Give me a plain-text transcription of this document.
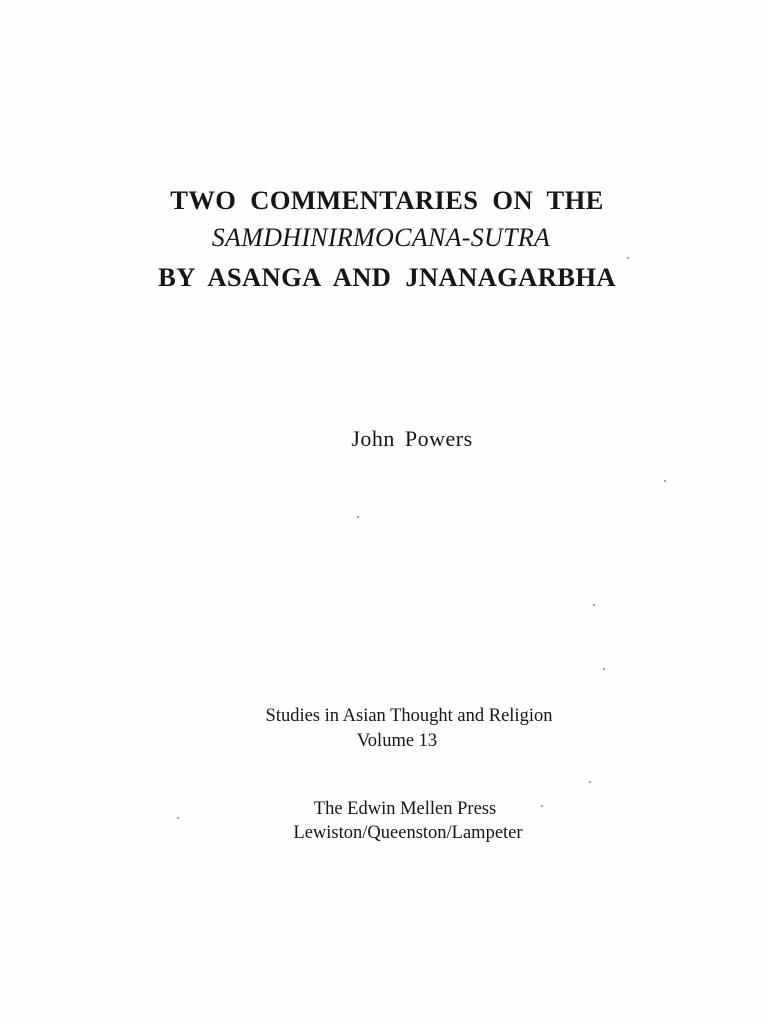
TWO COMMENTARIES ON THE
SAMDHINIRMOCANA-SUTRA
BY ASANGA AND JNANAGARBHA
John Powers
Studies in Asian Thought and Religion
Volume 13
The Edwin Mellen Press
Lewiston/Queenston/Lampeter
